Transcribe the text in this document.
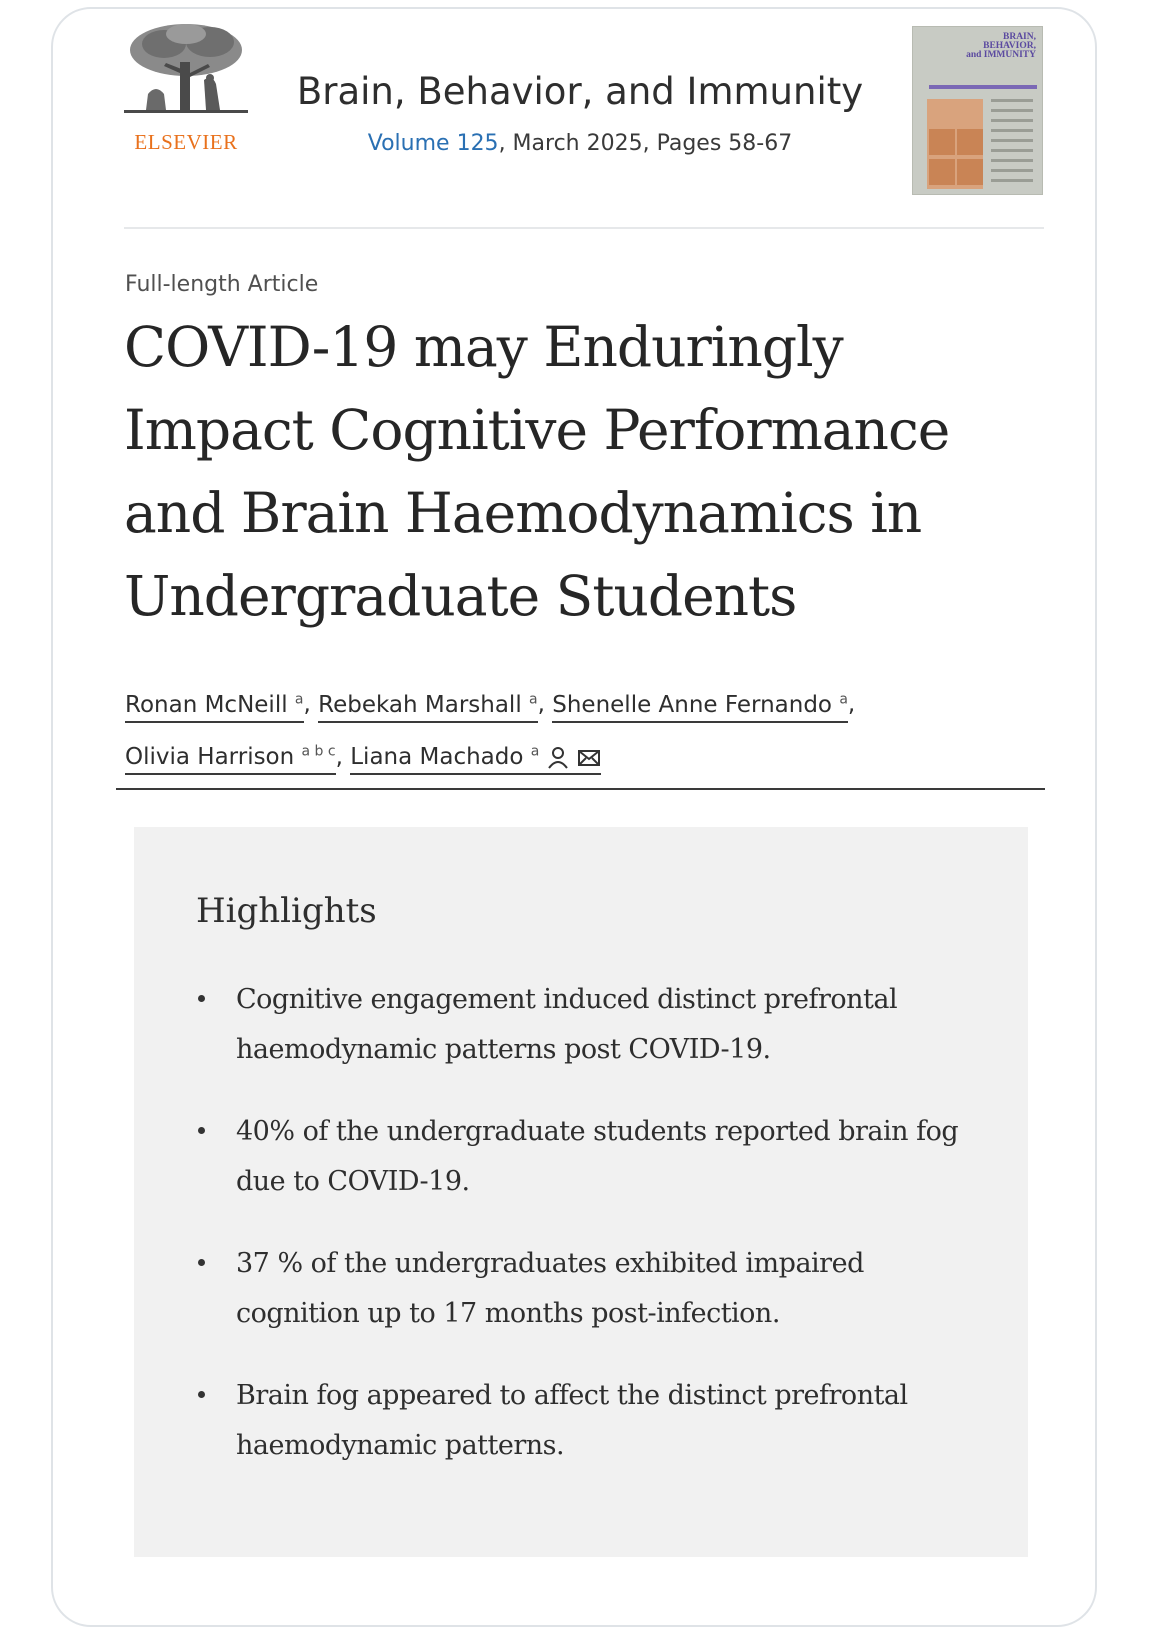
ELSEVIER
Brain, Behavior, and Immunity
Volume 125, March 2025, Pages 58-67
BRAIN,
BEHAVIOR,
and IMMUNITY
Full-length Article
COVID-19 may Enduringly Impact Cognitive Performance and Brain Haemodynamics in Undergraduate Students
Ronan McNeill $^a$, Rebekah Marshall $^a$, Shenelle Anne Fernando $^a$,
Olivia Harrison $^{a b c}$, Liana Machado $^a$
Highlights
Cognitive engagement induced distinct prefrontal haemodynamic patterns post COVID-19.
40% of the undergraduate students reported brain fog due to COVID-19.
37 % of the undergraduates exhibited impaired cognition up to 17 months post-infection.
Brain fog appeared to affect the distinct prefrontal haemodynamic patterns.
